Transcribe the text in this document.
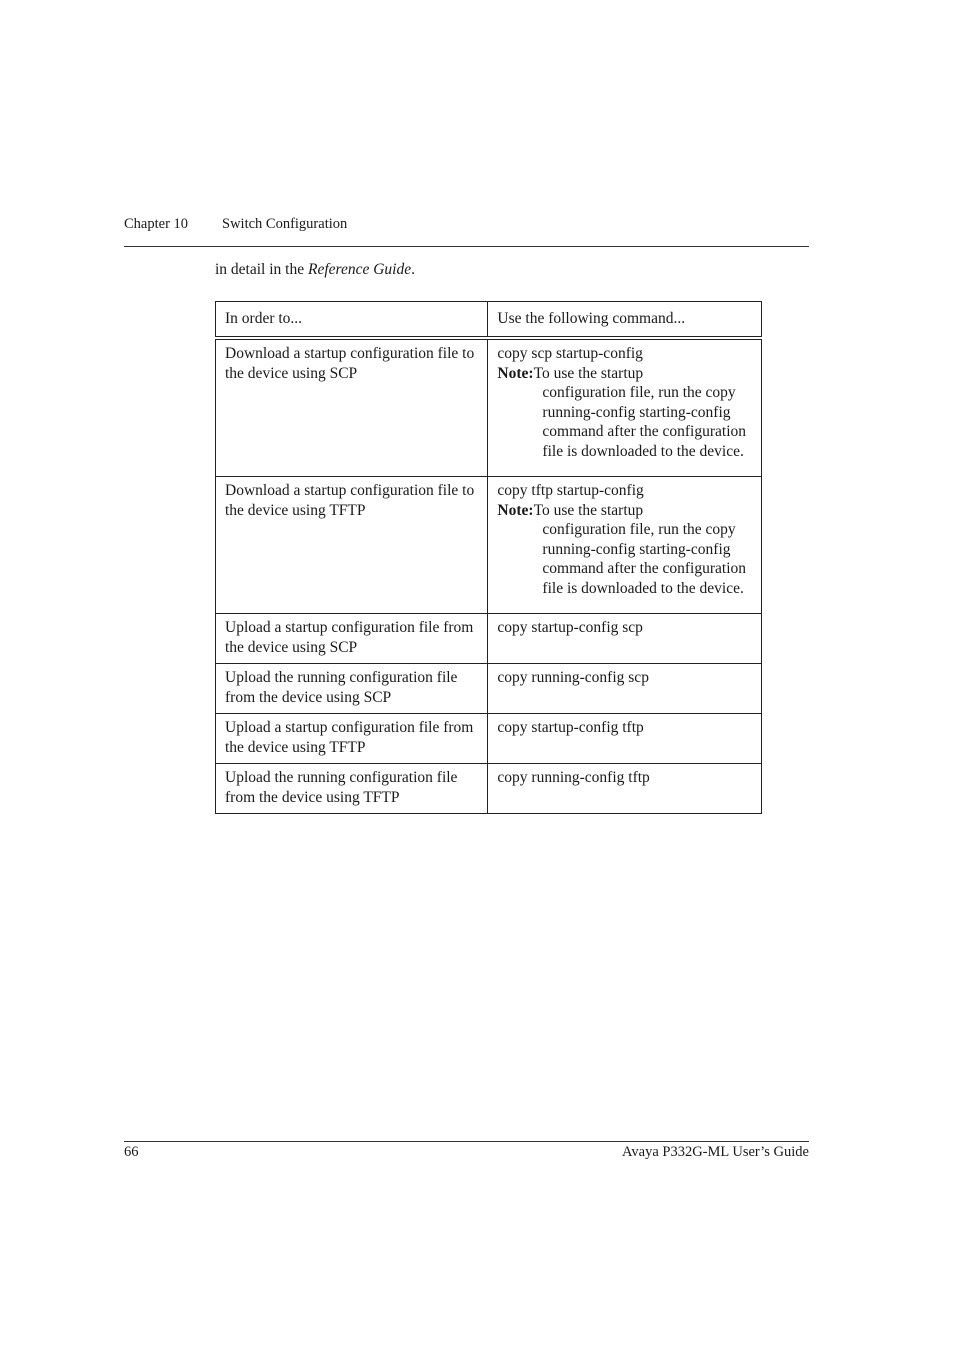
Chapter 10 Switch Configuration
in detail in the Reference Guide.
In order to...	Use the following command...
Download a startup configuration file to the device using SCP	copy scp startup-config
Note:To use the startup
configuration file, run the copy running-config starting-config command after the configuration file is downloaded to the device.

Download a startup configuration file to the device using TFTP	copy tftp startup-config
Note:To use the startup
configuration file, run the copy running-config starting-config command after the configuration file is downloaded to the device.

Upload a startup configuration file from the device using SCP	copy startup-config scp
Upload the running configuration file from the device using SCP	copy running-config scp
Upload a startup configuration file from the device using TFTP	copy startup-config tftp
Upload the running configuration file from the device using TFTP	copy running-config tftp
66	Avaya P332G-ML User’s Guide
